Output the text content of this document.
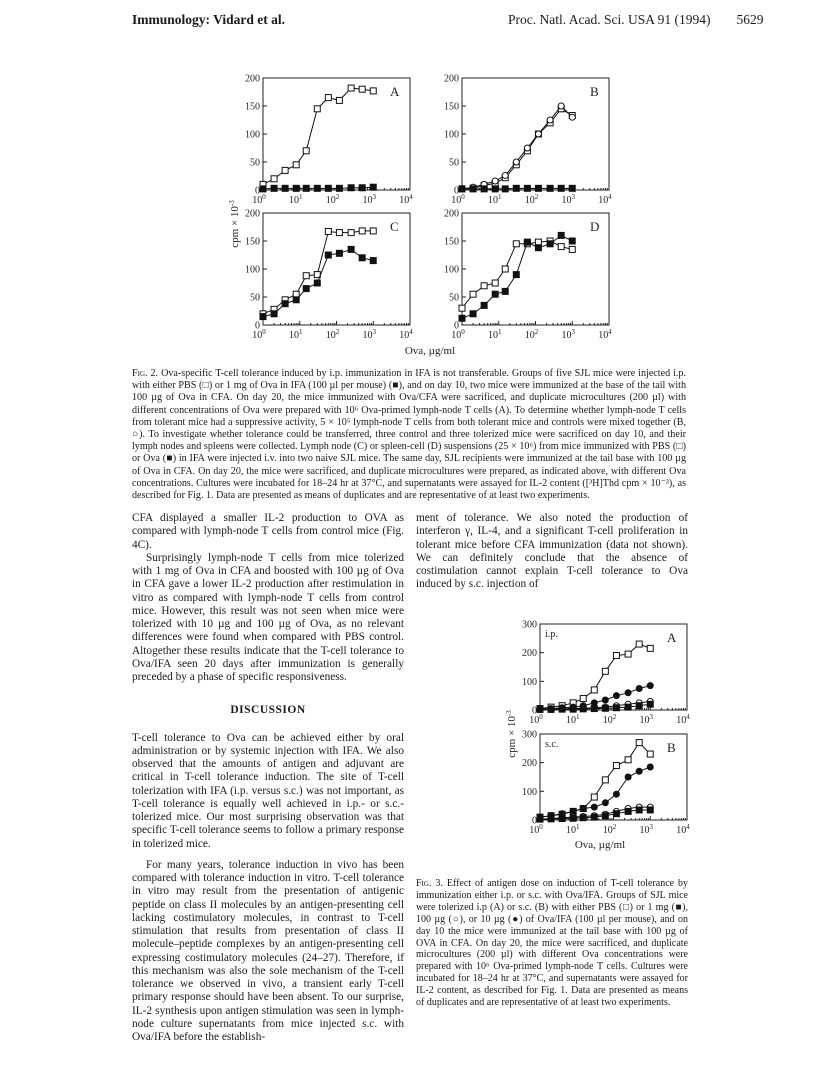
Immunology: Vidard et al.	Proc. Natl. Acad. Sci. USA 91 (1994) 5629
A
0
50
100
150
200
$10^0$ $10^1$ $10^2$ $10^3$ $10^4$
B
0
50
100
150
200
$10^0$ $10^1$ $10^2$ $10^3$ $10^4$
C
0
50
100
150
200
$10^0$ $10^1$ $10^2$ $10^3$ $10^4$
D
0
50
100
150
200
$10^0$ $10^1$ $10^2$ $10^3$ $10^4$
cpm × $10^{-3}$
Ova, µg/ml
A
i.p.
0
100
200
300
$10^0$ $10^1$ $10^2$ $10^3$ $10^4$
B
s.c.
0
100
200
300
$10^0$ $10^1$ $10^2$ $10^3$ $10^4$
cpm × $10^{-3}$
Ova, µg/ml
Fig. 2. Ova-specific T-cell tolerance induced by i.p. immunization in IFA is not transferable. Groups of five SJL mice were injected i.p. with either PBS (□) or 1 mg of Ova in IFA (100 µl per mouse) (■), and on day 10, two mice were immunized at the base of the tail with 100 µg of Ova in CFA. On day 20, the mice immunized with Ova/CFA were sacrificed, and duplicate microcultures (200 µl) with different concentrations of Ova were prepared with 10⁶ Ova-primed lymph-node T cells (A). To determine whether lymph-node T cells from tolerant mice had a suppressive activity, 5 × 10⁵ lymph-node T cells from both tolerant mice and controls were mixed together (B, ○). To investigate whether tolerance could be transferred, three control and three tolerized mice were sacrificed on day 10, and their lymph nodes and spleens were collected. Lymph node (C) or spleen-cell (D) suspensions (25 × 10⁶) from mice immunized with PBS (□) or Ova (■) in IFA were injected i.v. into two naive SJL mice. The same day, SJL recipients were immunized at the tail base with 100 µg of Ova in CFA. On day 20, the mice were sacrificed, and duplicate microcultures were prepared, as indicated above, with different Ova concentrations. Cultures were incubated for 18–24 hr at 37°C, and supernatants were assayed for IL-2 content ([³H]Thd cpm × 10⁻³), as described for Fig. 1. Data are presented as means of duplicates and are representative of at least two experiments.

CFA displayed a smaller IL-2 production to OVA as compared with lymph-node T cells from control mice (Fig. 4C).

Surprisingly lymph-node T cells from mice tolerized with 1 mg of Ova in CFA and boosted with 100 µg of Ova in CFA gave a lower IL-2 production after restimulation in vitro as compared with lymph-node T cells from control mice. However, this result was not seen when mice were tolerized with 10 µg and 100 µg of Ova, as no relevant differences were found when compared with PBS control. Altogether these results indicate that the T-cell tolerance to Ova/IFA seen 20 days after immunization is generally preceded by a phase of specific responsiveness.

DISCUSSION

T-cell tolerance to Ova can be achieved either by oral administration or by systemic injection with IFA. We also observed that the amounts of antigen and adjuvant are critical in T-cell tolerance induction. The site of T-cell tolerization with IFA (i.p. versus s.c.) was not important, as T-cell tolerance is equally well achieved in i.p.- or s.c.-tolerized mice. Our most surprising observation was that specific T-cell tolerance seems to follow a primary response in tolerized mice.

For many years, tolerance induction in vivo has been compared with tolerance induction in vitro. T-cell tolerance in vitro may result from the presentation of antigenic peptide on class II molecules by an antigen-presenting cell lacking costimulatory molecules, in contrast to T-cell stimulation that results from presentation of class II molecule–peptide complexes by an antigen-presenting cell expressing costimulatory molecules (24–27). Therefore, if this mechanism was also the sole mechanism of the T-cell tolerance we observed in vivo, a transient early T-cell primary response should have been absent. To our surprise, IL-2 synthesis upon antigen stimulation was seen in lymph-node culture supernatants from mice injected s.c. with Ova/IFA before the establish-

ment of tolerance. We also noted the production of interferon γ, IL-4, and a significant T-cell proliferation in tolerant mice before CFA immunization (data not shown). We can definitely conclude that the absence of costimulation cannot explain T-cell tolerance to Ova induced by s.c. injection of

Fig. 3. Effect of antigen dose on induction of T-cell tolerance by immunization either i.p. or s.c. with Ova/IFA. Groups of SJL mice were tolerized i.p (A) or s.c. (B) with either PBS (□) or 1 mg (■), 100 µg (○), or 10 µg (●) of Ova/IFA (100 µl per mouse), and on day 10 the mice were immunized at the tail base with 100 µg of OVA in CFA. On day 20, the mice were sacrificed, and duplicate microcultures (200 µl) with different Ova concentrations were prepared with 10⁶ Ova-primed lymph-node T cells. Cultures were incubated for 18–24 hr at 37°C, and supernatants were assayed for IL-2 content, as described for Fig. 1. Data are presented as means of duplicates and are representative of at least two experiments.
